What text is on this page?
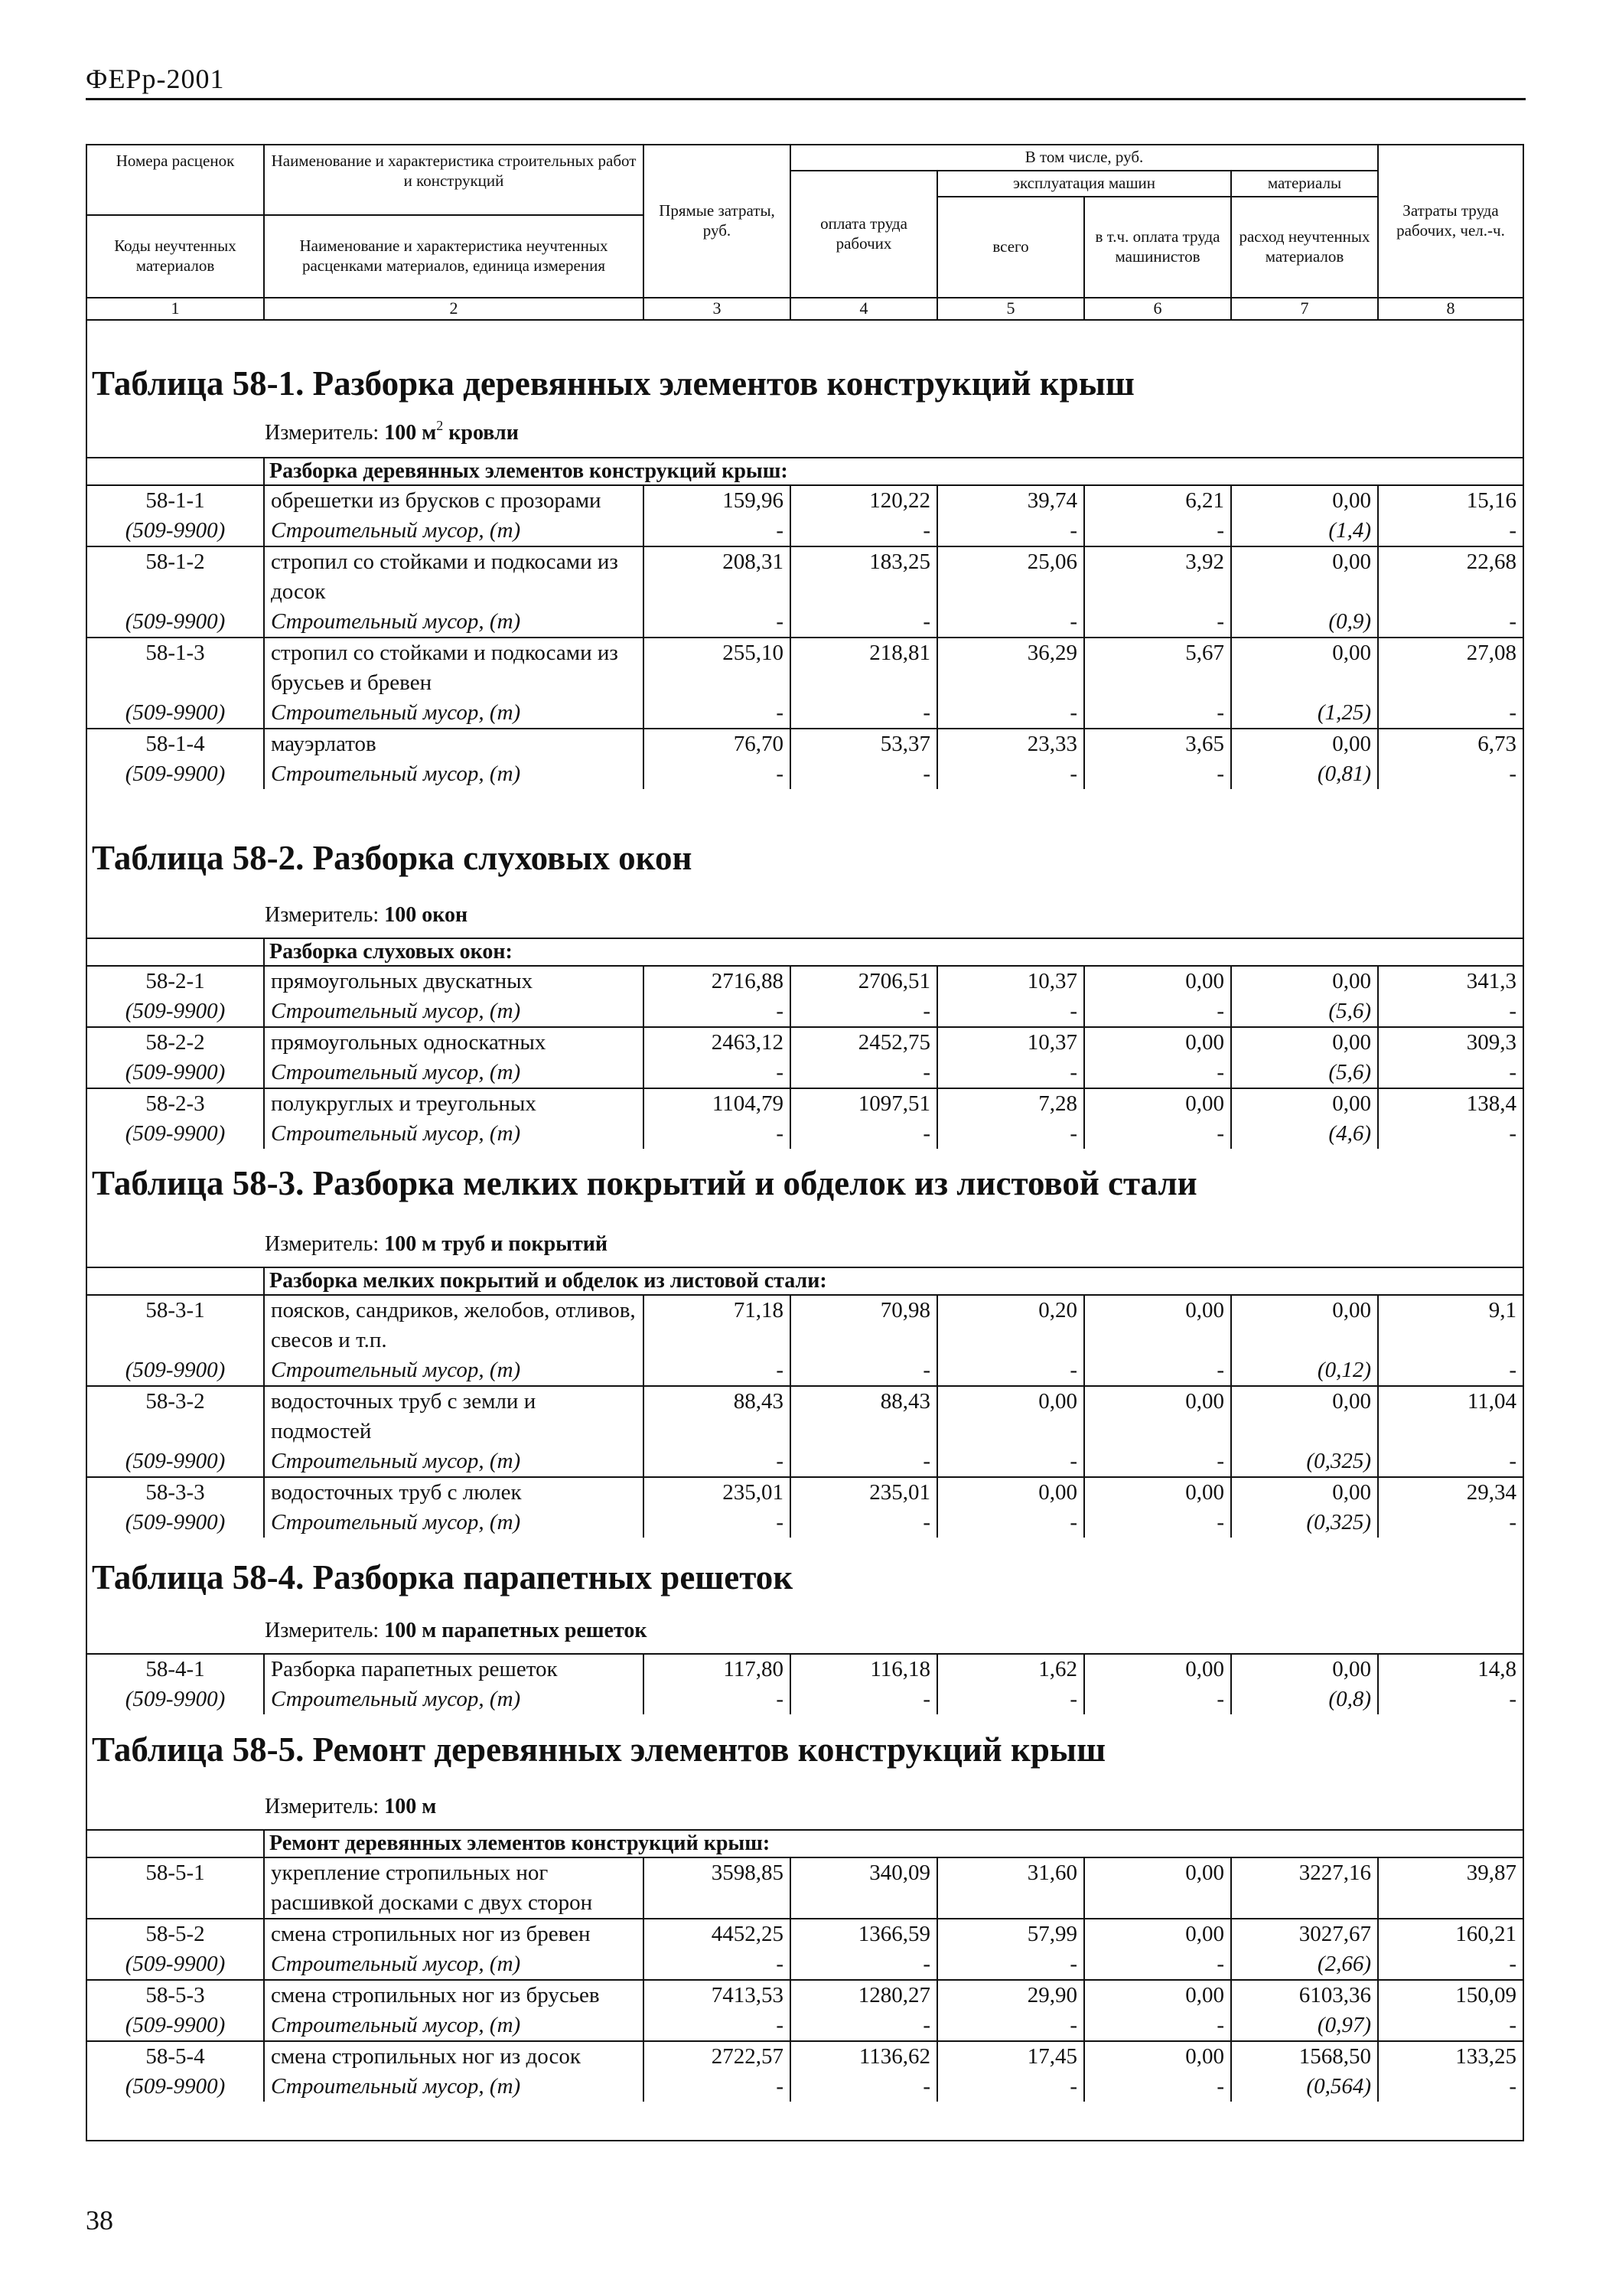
ФЕРр-2001
Номера расценок	Наименование и характеристика строительных работ и конструкций	Прямые затраты, руб.	В том числе, руб.				Затраты труда рабочих, чел.-ч.
			оплата труда рабочих	эксплуатация машин		материалы	
				всего	в т.ч. оплата труда машинистов	расход неучтенных материалов	
Коды неучтенных материалов	Наименование и характеристика неучтенных расценками материалов, единица измерения						

1	2	3	4	5	6	7	8
Таблица 58-1. Разборка деревянных элементов конструкций крыш
Измеритель: 100 $м^2$ кровли
	Разборка деревянных элементов конструкций крыш:						
58-1-1	обрешетки из брусков с прозорами	159,96	120,22	39,74	6,21	0,00	15,16
(509-9900)	Строительный мусор, (т)	-	-	-	-	(1,4)	-
58-1-2	стропил со стойками и подкосами из досок	208,31	183,25	25,06	3,92	0,00	22,68
(509-9900)	Строительный мусор, (т)	-	-	-	-	(0,9)	-
58-1-3	стропил со стойками и подкосами из брусьев и бревен	255,10	218,81	36,29	5,67	0,00	27,08
(509-9900)	Строительный мусор, (т)	-	-	-	-	(1,25)	-
58-1-4	мауэрлатов	76,70	53,37	23,33	3,65	0,00	6,73
(509-9900)	Строительный мусор, (т)	-	-	-	-	(0,81)	-
Таблица 58-2. Разборка слуховых окон
Измеритель: 100 окон
	Разборка слуховых окон:						
58-2-1	прямоугольных двускатных	2716,88	2706,51	10,37	0,00	0,00	341,3
(509-9900)	Строительный мусор, (т)	-	-	-	-	(5,6)	-
58-2-2	прямоугольных односкатных	2463,12	2452,75	10,37	0,00	0,00	309,3
(509-9900)	Строительный мусор, (т)	-	-	-	-	(5,6)	-
58-2-3	полукруглых и треугольных	1104,79	1097,51	7,28	0,00	0,00	138,4
(509-9900)	Строительный мусор, (т)	-	-	-	-	(4,6)	-
Таблица 58-3. Разборка мелких покрытий и обделок из листовой стали
Измеритель: 100 м труб и покрытий
	Разборка мелких покрытий и обделок из листовой стали:						
58-3-1	поясков, сандриков, желобов, отливов, свесов и т.п.	71,18	70,98	0,20	0,00	0,00	9,1
(509-9900)	Строительный мусор, (т)	-	-	-	-	(0,12)	-
58-3-2	водосточных труб с земли и подмостей	88,43	88,43	0,00	0,00	0,00	11,04
(509-9900)	Строительный мусор, (т)	-	-	-	-	(0,325)	-
58-3-3	водосточных труб с люлек	235,01	235,01	0,00	0,00	0,00	29,34
(509-9900)	Строительный мусор, (т)	-	-	-	-	(0,325)	-
Таблица 58-4. Разборка парапетных решеток
Измеритель: 100 м парапетных решеток
58-4-1	Разборка парапетных решеток	117,80	116,18	1,62	0,00	0,00	14,8
(509-9900)	Строительный мусор, (т)	-	-	-	-	(0,8)	-
Таблица 58-5. Ремонт деревянных элементов конструкций крыш
Измеритель: 100 м
	Ремонт деревянных элементов конструкций крыш:						
58-5-1	укрепление стропильных ног расшивкой досками с двух сторон	3598,85	340,09	31,60	0,00	3227,16	39,87
58-5-2	смена стропильных ног из бревен	4452,25	1366,59	57,99	0,00	3027,67	160,21
(509-9900)	Строительный мусор, (т)	-	-	-	-	(2,66)	-
58-5-3	смена стропильных ног из брусьев	7413,53	1280,27	29,90	0,00	6103,36	150,09
(509-9900)	Строительный мусор, (т)	-	-	-	-	(0,97)	-
58-5-4	смена стропильных ног из досок	2722,57	1136,62	17,45	0,00	1568,50	133,25
(509-9900)	Строительный мусор, (т)	-	-	-	-	(0,564)	-
38
